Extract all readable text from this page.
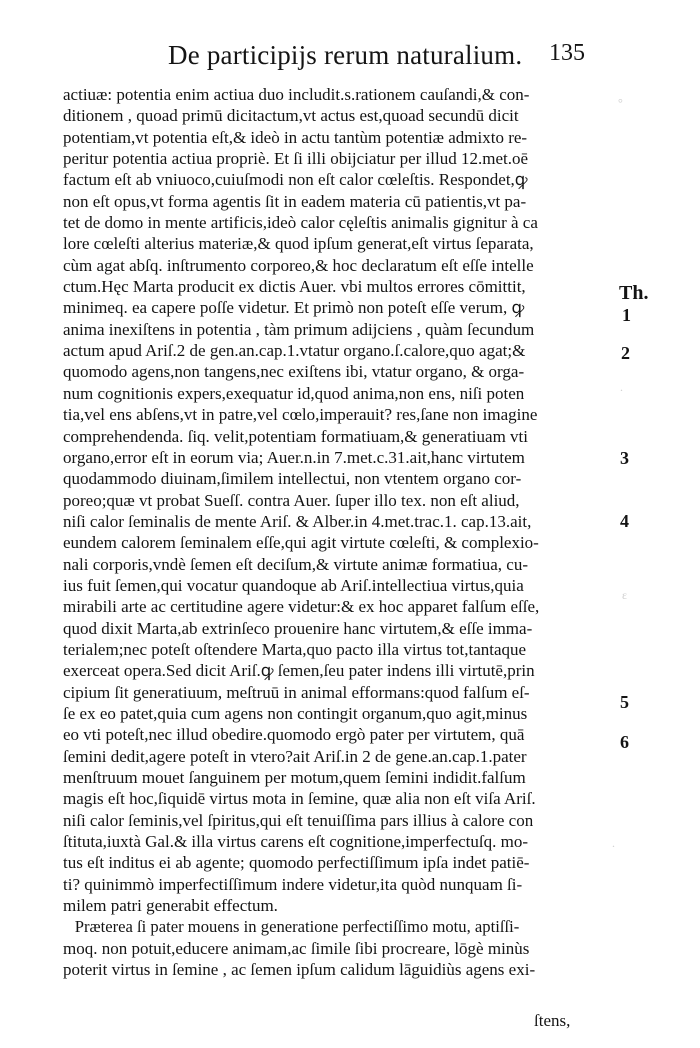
De participijs rerum naturalium. 135
actiuæ: potentia enim actiua duo includit.s.rationem cauſandi,& con-
ditionem , quoad primū dicitactum,vt actus est,quoad secundū dicit
potentiam,vt potentia eſt,& ideò in actu tantùm potentiæ admixto re-
peritur potentia actiua propriè. Et ſi illi obijciatur per illud 12.met.oē
factum eſt ab vniuoco,cuiuſmodi non eſt calor cœleſtis. Respondet,ꝙ
non eſt opus,vt forma agentis ſit in eadem materia cū patientis,vt pa-
tet de domo in mente artificis,ideò calor cęleſtis animalis gignitur à ca
lore cœleſti alterius materiæ,& quod ipſum generat,eſt virtus ſeparata,
cùm agat abſq. inſtrumento corporeo,& hoc declaratum eſt eſſe intelle
ctum.Hęc Marta producit ex dictis Auer. vbi multos errores cōmittit,
minimeq. ea capere poſſe videtur. Et primò non poteſt eſſe verum, ꝙ
anima inexiſtens in potentia , tàm primum adijciens , quàm ſecundum
actum apud Ariſ.2 de gen.an.cap.1.vtatur organo.ſ.calore,quo agat;&
quomodo agens,non tangens,nec exiſtens ibi, vtatur organo, & orga-
num cognitionis expers,exequatur id,quod anima,non ens, niſi poten
tia,vel ens abſens,vt in patre,vel cœlo,imperauit? res,ſane non imagine
comprehendenda. ſiq. velit,potentiam formatiuam,& generatiuam vti
organo,error eſt in eorum via; Auer.n.in 7.met.c.31.ait,hanc virtutem
quodammodo diuinam,ſimilem intellectui, non vtentem organo cor-
poreo;quæ vt probat Sueſſ. contra Auer. ſuper illo tex. non eſt aliud,
niſi calor ſeminalis de mente Ariſ. & Alber.in 4.met.trac.1. cap.13.ait,
eundem calorem ſeminalem eſſe,qui agit virtute cœleſti, & complexio-
nali corporis,vndè ſemen eſt deciſum,& virtute animæ formatiua, cu-
ius fuit ſemen,qui vocatur quandoque ab Ariſ.intellectiua virtus,quia
mirabili arte ac certitudine agere videtur:& ex hoc apparet falſum eſſe,
quod dixit Marta,ab extrinſeco prouenire hanc virtutem,& eſſe imma-
terialem;nec poteſt oſtendere Marta,quo pacto illa virtus tot,tantaque
exerceat opera.Sed dicit Ariſ.ꝙ ſemen,ſeu pater indens illi virtutē,prin
cipium ſit generatiuum, meſtruū in animal efformans:quod falſum eſ-
ſe ex eo patet,quia cum agens non contingit organum,quo agit,minus
eo vti poteſt,nec illud obedire.quomodo ergò pater per virtutem, quā
ſemini dedit,agere poteſt in vtero?ait Ariſ.in 2 de gene.an.cap.1.pater
menſtruum mouet ſanguinem per motum,quem ſemini indidit.falſum
magis eſt hoc,ſiquidē virtus mota in ſemine, quæ alia non eſt viſa Ariſ.
niſi calor ſeminis,vel ſpiritus,qui eſt tenuiſſima pars illius à calore con
ſtituta,iuxtà Gal.& illa virtus carens eſt cognitione,imperfectuſq. mo-
tus eſt inditus ei ab agente; quomodo perfectiſſimum ipſa indet patiē-
ti? quinimmò imperfectiſſimum indere videtur,ita quòd nunquam ſi-
milem patri generabit effectum.
Præterea ſi pater mouens in generatione perfectiſſimo motu, aptiſſi-
moq. non potuit,educere animam,ac ſimile ſibi procreare, lōgè minùs
poterit virtus in ſemine , ac ſemen ipſum calidum lāguidiùs agens exi-
ſtens,
Th.
1
2
3
4
5
6
°
.
ɛ
.
